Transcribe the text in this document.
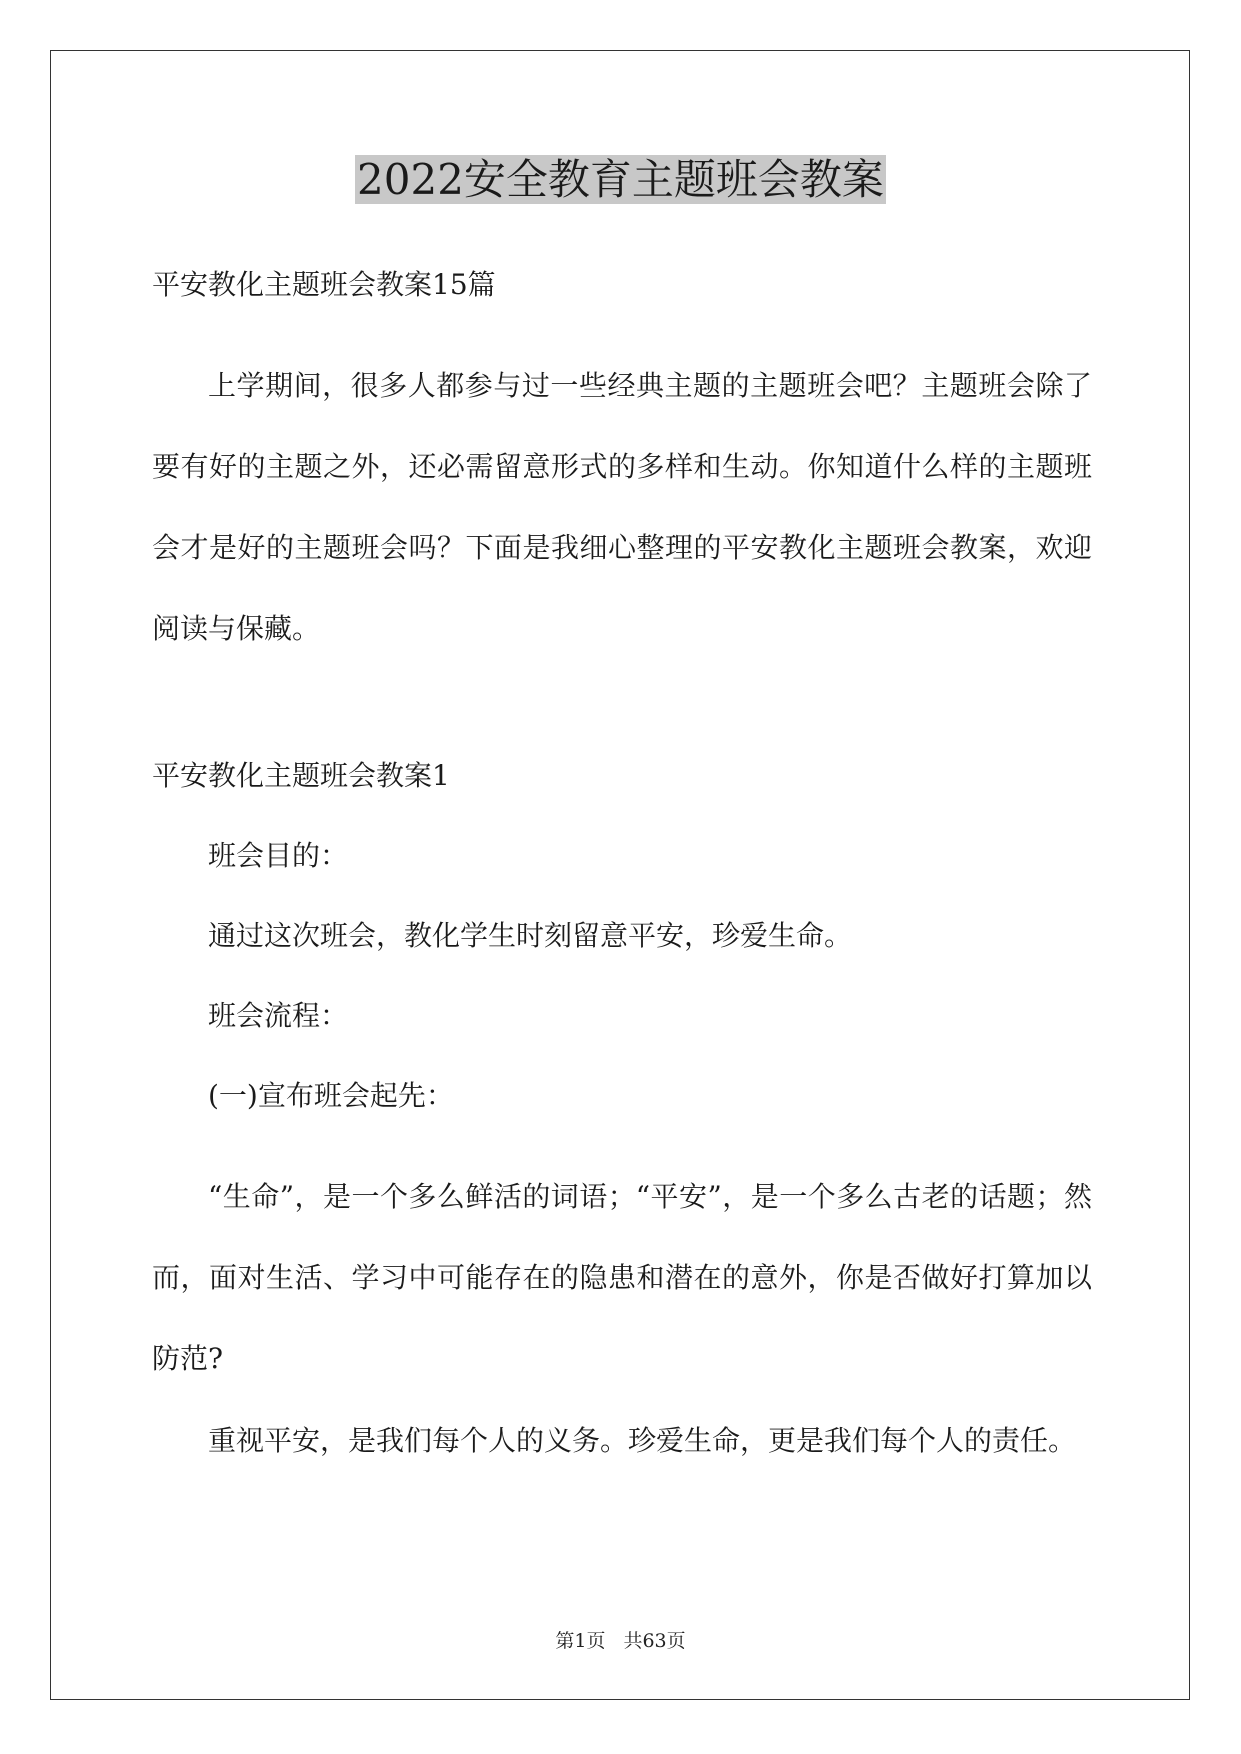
2022安全教育主题班会教案

平安教化主题班会教案15篇

上学期间，很多人都参与过一些经典主题的主题班会吧？主题班会除了要有好的主题之外，还必需留意形式的多样和生动。你知道什么样的主题班会才是好的主题班会吗？下面是我细心整理的平安教化主题班会教案，欢迎阅读与保藏。

平安教化主题班会教案1

班会目的：

通过这次班会，教化学生时刻留意平安，珍爱生命。

班会流程：

(一)宣布班会起先：

“生命”，是一个多么鲜活的词语；“平安”，是一个多么古老的话题；然而，面对生活、学习中可能存在的隐患和潜在的意外，你是否做好打算加以防范?

重视平安，是我们每个人的义务。珍爱生命，更是我们每个人的责任。

第1页 共63页
